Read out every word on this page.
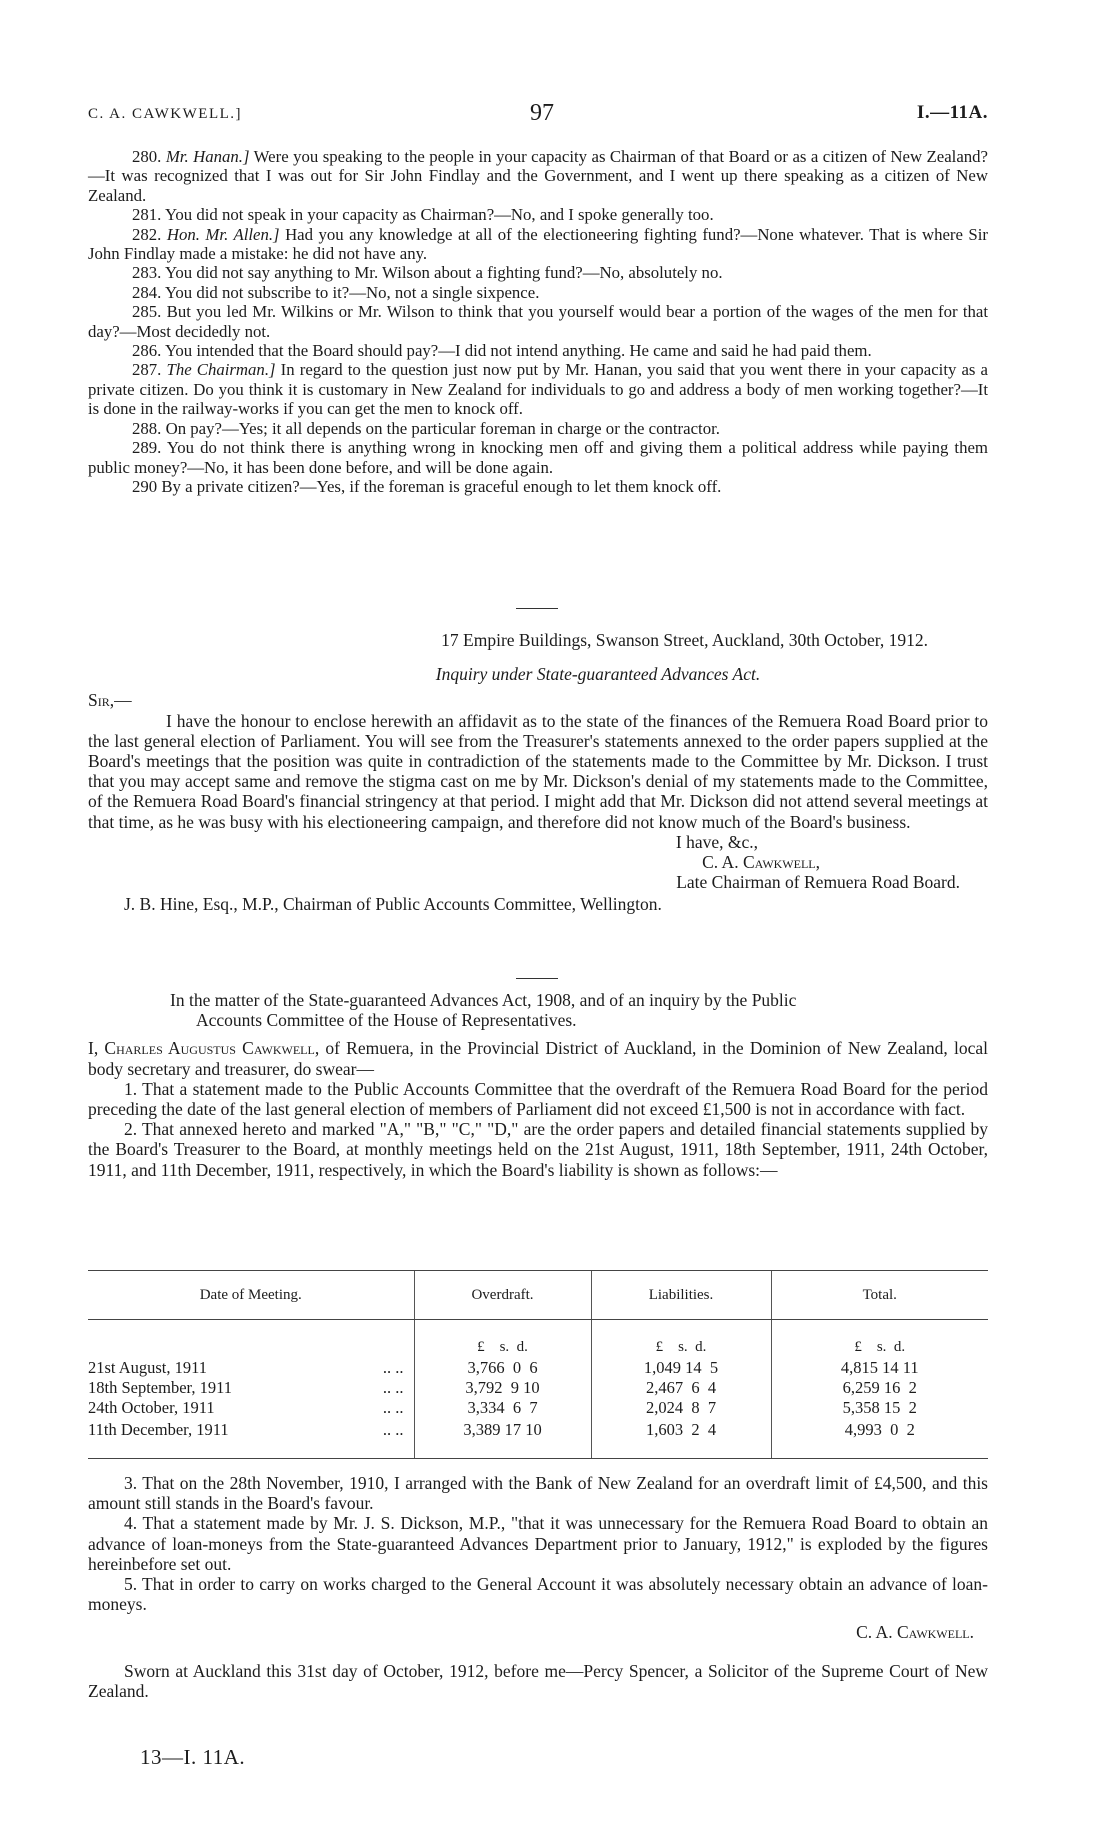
C. A. CAWKWELL.]	97	I.—11A.

280. Mr. Hanan.] Were you speaking to the people in your capacity as Chairman of that Board or as a citizen of New Zealand?—It was recognized that I was out for Sir John Findlay and the Government, and I went up there speaking as a citizen of New Zealand.

281. You did not speak in your capacity as Chairman?—No, and I spoke generally too.

282. Hon. Mr. Allen.] Had you any knowledge at all of the electioneering fighting fund?—None whatever. That is where Sir John Findlay made a mistake: he did not have any.

283. You did not say anything to Mr. Wilson about a fighting fund?—No, absolutely no.

284. You did not subscribe to it?—No, not a single sixpence.

285. But you led Mr. Wilkins or Mr. Wilson to think that you yourself would bear a portion of the wages of the men for that day?—Most decidedly not.

286. You intended that the Board should pay?—I did not intend anything. He came and said he had paid them.

287. The Chairman.] In regard to the question just now put by Mr. Hanan, you said that you went there in your capacity as a private citizen. Do you think it is customary in New Zealand for individuals to go and address a body of men working together?—It is done in the railway-works if you can get the men to knock off.

288. On pay?—Yes; it all depends on the particular foreman in charge or the contractor.

289. You do not think there is anything wrong in knocking men off and giving them a political address while paying them public money?—No, it has been done before, and will be done again.

290 By a private citizen?—Yes, if the foreman is graceful enough to let them knock off.

17 Empire Buildings, Swanson Street, Auckland, 30th October, 1912.

Inquiry under State-guaranteed Advances Act.

Sir,—

I have the honour to enclose herewith an affidavit as to the state of the finances of the Remuera Road Board prior to the last general election of Parliament. You will see from the Treasurer's statements annexed to the order papers supplied at the Board's meetings that the position was quite in contradiction of the statements made to the Committee by Mr. Dickson. I trust that you may accept same and remove the stigma cast on me by Mr. Dickson's denial of my statements made to the Committee, of the Remuera Road Board's financial stringency at that period. I might add that Mr. Dickson did not attend several meetings at that time, as he was busy with his electioneering campaign, and therefore did not know much of the Board's business.

I have, &c.,
C. A. Cawkwell,
Late Chairman of Remuera Road Board.

J. B. Hine, Esq., M.P., Chairman of Public Accounts Committee, Wellington.

In the matter of the State-guaranteed Advances Act, 1908, and of an inquiry by the Public
Accounts Committee of the House of Representatives.

I, Charles Augustus Cawkwell, of Remuera, in the Provincial District of Auckland, in the Dominion of New Zealand, local body secretary and treasurer, do swear—

1. That a statement made to the Public Accounts Committee that the overdraft of the Remuera Road Board for the period preceding the date of the last general election of members of Parliament did not exceed £1,500 is not in accordance with fact.

2. That annexed hereto and marked "A," "B," "C," "D," are the order papers and detailed financial statements supplied by the Board's Treasurer to the Board, at monthly meetings held on the 21st August, 1911, 18th September, 1911, 24th October, 1911, and 11th December, 1911, respectively, in which the Board's liability is shown as follows:—

Date of Meeting.	Overdraft.	Liabilities.	Total.
	£    s.  d.	£    s.  d.	£    s.  d.
21st August, 1911 .. ..	3,766  0  6	1,049 14  5	4,815 14 11
18th September, 1911 .. ..	3,792  9 10	2,467  6  4	6,259 16  2
24th October, 1911 .. ..	3,334  6  7	2,024  8  7	5,358 15  2
11th December, 1911 .. ..	3,389 17 10	1,603  2  4	4,993  0  2

3. That on the 28th November, 1910, I arranged with the Bank of New Zealand for an overdraft limit of £4,500, and this amount still stands in the Board's favour.

4. That a statement made by Mr. J. S. Dickson, M.P., "that it was unnecessary for the Remuera Road Board to obtain an advance of loan-moneys from the State-guaranteed Advances Department prior to January, 1912," is exploded by the figures hereinbefore set out.

5. That in order to carry on works charged to the General Account it was absolutely necessary obtain an advance of loan-moneys.

C. A. Cawkwell.

Sworn at Auckland this 31st day of October, 1912, before me—Percy Spencer, a Solicitor of the Supreme Court of New Zealand.

13—I. 11A.
